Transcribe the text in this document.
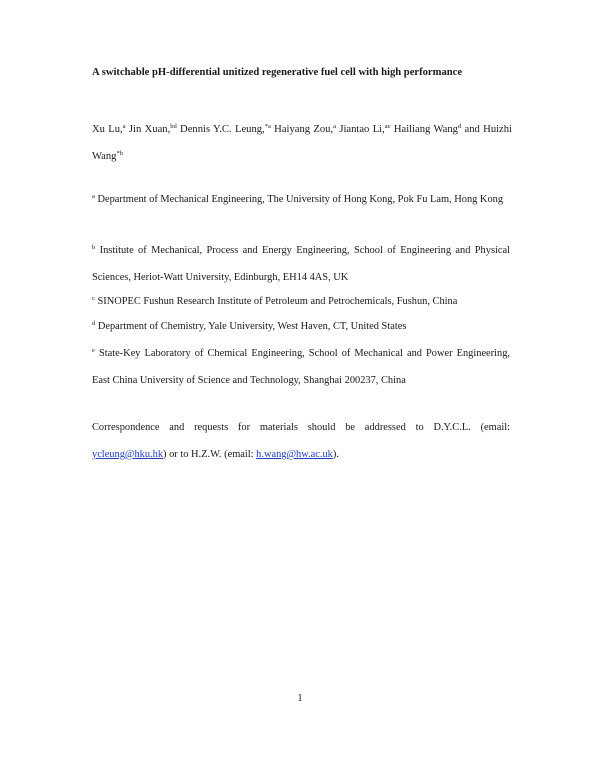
A switchable pH-differential unitized regenerative fuel cell with high performance
Xu Lu,$^a$ Jin Xuan,$^{bd}$ Dennis Y.C. Leung,$^{*a}$ Haiyang Zou,$^a$ Jiantao Li,$^{ac}$ Hailiang Wang$^d$ and Huizhi Wang$^{*b}$
$^a$ Department of Mechanical Engineering, The University of Hong Kong, Pok Fu Lam, Hong Kong
$^b$ Institute of Mechanical, Process and Energy Engineering, School of Engineering and Physical Sciences, Heriot-Watt University, Edinburgh, EH14 4AS, UK
$^c$ SINOPEC Fushun Research Institute of Petroleum and Petrochemicals, Fushun, China
$^d$ Department of Chemistry, Yale University, West Haven, CT, United States
$^e$ State-Key Laboratory of Chemical Engineering, School of Mechanical and Power Engineering, East China University of Science and Technology, Shanghai 200237, China
Correspondence and requests for materials should be addressed to D.Y.C.L. (email: ycleung@hku.hk) or to H.Z.W. (email: h.wang@hw.ac.uk).
1
